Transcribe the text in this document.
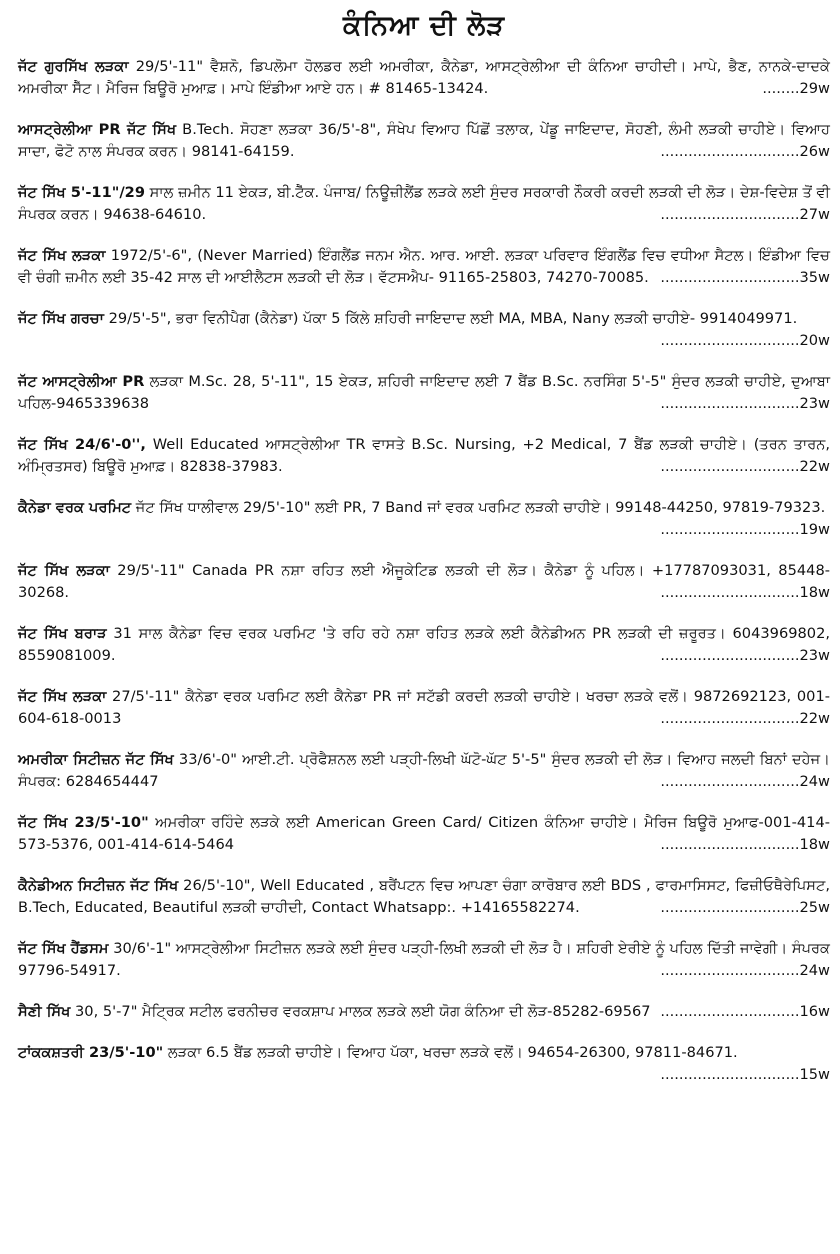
ਕੰਨਿਆ ਦੀ ਲੋੜ
ਜੱਟ ਗੁਰਸਿੱਖ ਲੜਕਾ 29/5'-11" ਵੈਸ਼ਨੋ, ਡਿਪਲੋਮਾ ਹੋਲਡਰ ਲਈ ਅਮਰੀਕਾ, ਕੈਨੇਡਾ, ਆਸਟ੍ਰੇਲੀਆ ਦੀ ਕੰਨਿਆ ਚਾਹੀਦੀ। ਮਾਪੇ, ਭੈਣ, ਨਾਨਕੇ-ਦਾਦਕੇ ਅਮਰੀਕਾ ਸੈੱਟ। ਮੈਰਿਜ ਬਿਊਰੋ ਮੁਆਫ਼। ਮਾਪੇ ਇੰਡੀਆ ਆਏ ਹਨ। # 81465-13424.	........29w
ਆਸਟ੍ਰੇਲੀਆ PR ਜੱਟ ਸਿੱਖ B.Tech. ਸੋਹਣਾ ਲੜਕਾ 36/5'-8", ਸੰਖੇਪ ਵਿਆਹ ਪਿੱਛੋਂ ਤਲਾਕ, ਪੇਂਡੂ ਜਾਇਦਾਦ, ਸੋਹਣੀ, ਲੰਮੀ ਲੜਕੀ ਚਾਹੀਏ। ਵਿਆਹ ਸਾਦਾ, ਫੋਟੋ ਨਾਲ ਸੰਪਰਕ ਕਰਨ। 98141-64159.	..............................26w
ਜੱਟ ਸਿੱਖ 5'-11"/29 ਸਾਲ ਜ਼ਮੀਨ 11 ਏਕੜ, ਬੀ.ਟੈੱਕ. ਪੰਜਾਬ/ ਨਿਊਜ਼ੀਲੈਂਡ ਲੜਕੇ ਲਈ ਸੁੰਦਰ ਸਰਕਾਰੀ ਨੌਕਰੀ ਕਰਦੀ ਲੜਕੀ ਦੀ ਲੋੜ। ਦੇਸ਼-ਵਿਦੇਸ਼ ਤੋਂ ਵੀ ਸੰਪਰਕ ਕਰਨ। 94638-64610.	..............................27w
ਜੱਟ ਸਿੱਖ ਲੜਕਾ 1972/5'-6", (Never Married) ਇੰਗਲੈਂਡ ਜਨਮ ਐਨ. ਆਰ. ਆਈ. ਲੜਕਾ ਪਰਿਵਾਰ ਇੰਗਲੈਂਡ ਵਿਚ ਵਧੀਆ ਸੈਟਲ। ਇੰਡੀਆ ਵਿਚ ਵੀ ਚੰਗੀ ਜ਼ਮੀਨ ਲਈ 35-42 ਸਾਲ ਦੀ ਆਈਲੈਟਸ ਲੜਕੀ ਦੀ ਲੋੜ। ਵੱਟਸਐਪ- 91165-25803, 74270-70085. ..............................35w
ਜੱਟ ਸਿੱਖ ਗਰਚਾ 29/5'-5", ਭਰਾ ਵਿਨੀਪੈਗ (ਕੈਨੇਡਾ) ਪੱਕਾ 5 ਕਿੱਲੇ ਸ਼ਹਿਰੀ ਜਾਇਦਾਦ ਲਈ MA, MBA, Nany ਲੜਕੀ ਚਾਹੀਏ- 9914049971.
..............................20w
ਜੱਟ ਆਸਟ੍ਰੇਲੀਆ PR ਲੜਕਾ M.Sc. 28, 5'-11", 15 ਏਕੜ, ਸ਼ਹਿਰੀ ਜਾਇਦਾਦ ਲਈ 7 ਬੈਂਡ B.Sc. ਨਰਸਿੰਗ 5'-5" ਸੁੰਦਰ ਲੜਕੀ ਚਾਹੀਏ, ਦੁਆਬਾ ਪਹਿਲ-9465339638	..............................23w
ਜੱਟ ਸਿੱਖ 24/6'-0'', Well Educated ਆਸਟ੍ਰੇਲੀਆ TR ਵਾਸਤੇ B.Sc. Nursing, +2 Medical, 7 ਬੈਂਡ ਲੜਕੀ ਚਾਹੀਏ। (ਤਰਨ ਤਾਰਨ, ਅੰਮ੍ਰਿਤਸਰ) ਬਿਊਰੋ ਮੁਆਫ਼। 82838-37983.	..............................22w
ਕੈਨੇਡਾ ਵਰਕ ਪਰਮਿਟ ਜੱਟ ਸਿੱਖ ਧਾਲੀਵਾਲ 29/5'-10" ਲਈ PR, 7 Band ਜਾਂ ਵਰਕ ਪਰਮਿਟ ਲੜਕੀ ਚਾਹੀਏ। 99148-44250, 97819-79323.
..............................19w
ਜੱਟ ਸਿੱਖ ਲੜਕਾ 29/5'-11" Canada PR ਨਸ਼ਾ ਰਹਿਤ ਲਈ ਐਜੂਕੇਟਿਡ ਲੜਕੀ ਦੀ ਲੋੜ। ਕੈਨੇਡਾ ਨੂੰ ਪਹਿਲ। +17787093031, 85448-30268.	..............................18w
ਜੱਟ ਸਿੱਖ ਬਰਾੜ 31 ਸਾਲ ਕੈਨੇਡਾ ਵਿਚ ਵਰਕ ਪਰਮਿਟ 'ਤੇ ਰਹਿ ਰਹੇ ਨਸ਼ਾ ਰਹਿਤ ਲੜਕੇ ਲਈ ਕੈਨੇਡੀਅਨ PR ਲੜਕੀ ਦੀ ਜ਼ਰੂਰਤ। 6043969802, 8559081009.	..............................23w
ਜੱਟ ਸਿੱਖ ਲੜਕਾ 27/5'-11" ਕੈਨੇਡਾ ਵਰਕ ਪਰਮਿਟ ਲਈ ਕੈਨੇਡਾ PR ਜਾਂ ਸਟੱਡੀ ਕਰਦੀ ਲੜਕੀ ਚਾਹੀਏ। ਖਰਚਾ ਲੜਕੇ ਵਲੋਂ। 9872692123, 001-604-618-0013	..............................22w
ਅਮਰੀਕਾ ਸਿਟੀਜ਼ਨ ਜੱਟ ਸਿੱਖ 33/6'-0" ਆਈ.ਟੀ. ਪ੍ਰੋਫੈਸ਼ਨਲ ਲਈ ਪੜ੍ਹੀ-ਲਿਖੀ ਘੱਟੋ-ਘੱਟ 5'-5" ਸੁੰਦਰ ਲੜਕੀ ਦੀ ਲੋੜ। ਵਿਆਹ ਜਲਦੀ ਬਿਨਾਂ ਦਹੇਜ। ਸੰਪਰਕ: 6284654447	..............................24w
ਜੱਟ ਸਿੱਖ 23/5'-10" ਅਮਰੀਕਾ ਰਹਿੰਦੇ ਲੜਕੇ ਲਈ American Green Card/ Citizen ਕੰਨਿਆ ਚਾਹੀਏ। ਮੈਰਿਜ ਬਿਊਰੋ ਮੁਆਫ-001-414-573-5376, 001-414-614-5464	..............................18w
ਕੈਨੇਡੀਅਨ ਸਿਟੀਜ਼ਨ ਜੱਟ ਸਿੱਖ 26/5'-10", Well Educated , ਬਰੈਂਪਟਨ ਵਿਚ ਆਪਣਾ ਚੰਗਾ ਕਾਰੋਬਾਰ ਲਈ BDS , ਫਾਰਮਾਸਿਸਟ, ਫਿਜ਼ੀਓਥੈਰੇਪਿਸਟ, B.Tech, Educated, Beautiful ਲੜਕੀ ਚਾਹੀਦੀ, Contact Whatsapp:. +14165582274.	..............................25w
ਜੱਟ ਸਿੱਖ ਹੈਂਡਸਮ 30/6'-1" ਆਸਟ੍ਰੇਲੀਆ ਸਿਟੀਜ਼ਨ ਲੜਕੇ ਲਈ ਸੁੰਦਰ ਪੜ੍ਹੀ-ਲਿਖੀ ਲੜਕੀ ਦੀ ਲੋੜ ਹੈ। ਸ਼ਹਿਰੀ ਏਰੀਏ ਨੂੰ ਪਹਿਲ ਦਿੱਤੀ ਜਾਵੇਗੀ। ਸੰਪਰਕ 97796-54917.	..............................24w
ਸੈਣੀ ਸਿੱਖ 30, 5'-7" ਮੈਟ੍ਰਿਕ ਸਟੀਲ ਫਰਨੀਚਰ ਵਰਕਸ਼ਾਪ ਮਾਲਕ ਲੜਕੇ ਲਈ ਯੋਗ ਕੰਨਿਆ ਦੀ ਲੋੜ-85282-69567 ..............................16w
ਟਾਂਕਕਸ਼ਤਰੀ 23/5'-10" ਲੜਕਾ 6.5 ਬੈਂਡ ਲੜਕੀ ਚਾਹੀਏ। ਵਿਆਹ ਪੱਕਾ, ਖਰਚਾ ਲੜਕੇ ਵਲੋਂ। 94654-26300, 97811-84671.
..............................15w
